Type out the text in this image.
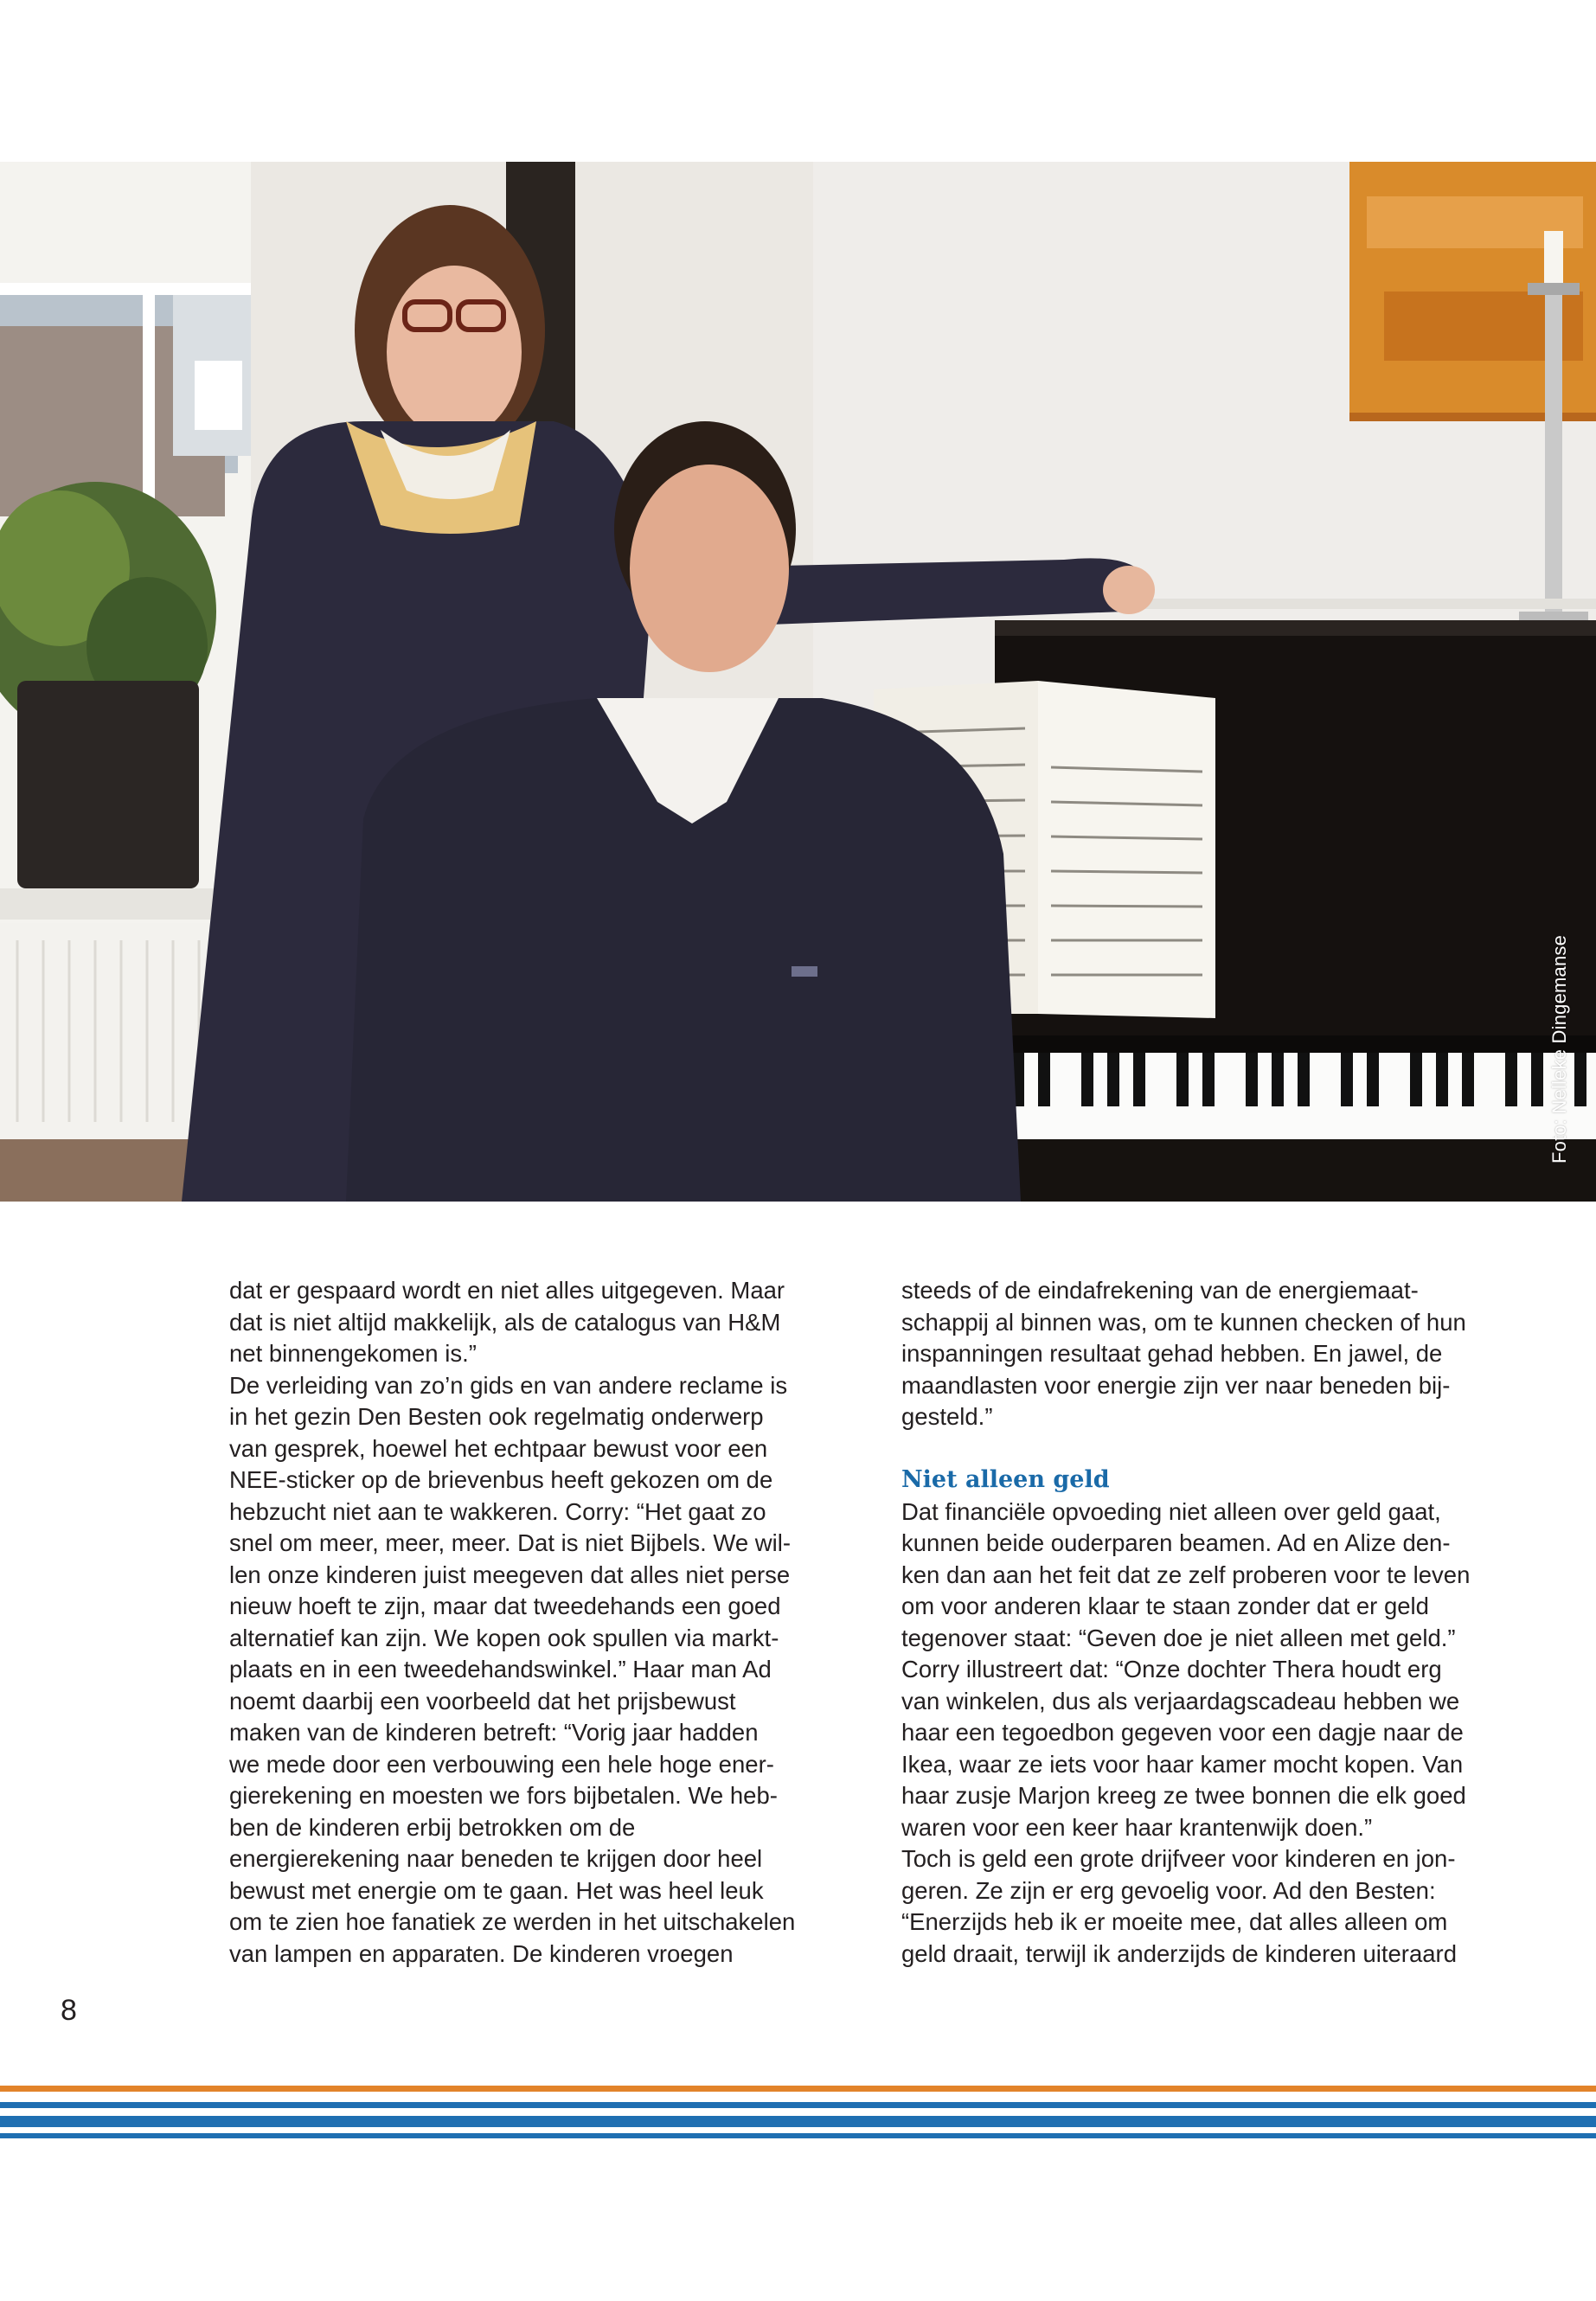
Foto: Nelleke Dingemanse
dat er gespaard wordt en niet alles uitgegeven. Maar
dat is niet altijd makkelijk, als de catalogus van H&M
net binnengekomen is.”
De verleiding van zo’n gids en van andere reclame is
in het gezin Den Besten ook regelmatig onderwerp
van gesprek, hoewel het echtpaar bewust voor een
NEE-sticker op de brievenbus heeft gekozen om de
hebzucht niet aan te wakkeren. Corry: “Het gaat zo
snel om meer, meer, meer. Dat is niet Bijbels. We wil-
len onze kinderen juist meegeven dat alles niet perse
nieuw hoeft te zijn, maar dat tweedehands een goed
alternatief kan zijn. We kopen ook spullen via markt-
plaats en in een tweedehandswinkel.” Haar man Ad
noemt daarbij een voorbeeld dat het prijsbewust
maken van de kinderen betreft: “Vorig jaar hadden
we mede door een verbouwing een hele hoge ener-
gierekening en moesten we fors bijbetalen. We heb-
ben de kinderen erbij betrokken om de
energierekening naar beneden te krijgen door heel
bewust met energie om te gaan. Het was heel leuk
om te zien hoe fanatiek ze werden in het uitschakelen
van lampen en apparaten. De kinderen vroegen
steeds of de eindafrekening van de energiemaat-
schappij al binnen was, om te kunnen checken of hun
inspanningen resultaat gehad hebben. En jawel, de
maandlasten voor energie zijn ver naar beneden bij-
gesteld.”
Niet alleen geld
Dat financiële opvoeding niet alleen over geld gaat,
kunnen beide ouderparen beamen. Ad en Alize den-
ken dan aan het feit dat ze zelf proberen voor te leven
om voor anderen klaar te staan zonder dat er geld
tegenover staat: “Geven doe je niet alleen met geld.”
Corry illustreert dat: “Onze dochter Thera houdt erg
van winkelen, dus als verjaardagscadeau hebben we
haar een tegoedbon gegeven voor een dagje naar de
Ikea, waar ze iets voor haar kamer mocht kopen. Van
haar zusje Marjon kreeg ze twee bonnen die elk goed
waren voor een keer haar krantenwijk doen.”
Toch is geld een grote drijfveer voor kinderen en jon-
geren. Ze zijn er erg gevoelig voor. Ad den Besten:
“Enerzijds heb ik er moeite mee, dat alles alleen om
geld draait, terwijl ik anderzijds de kinderen uiteraard
8
